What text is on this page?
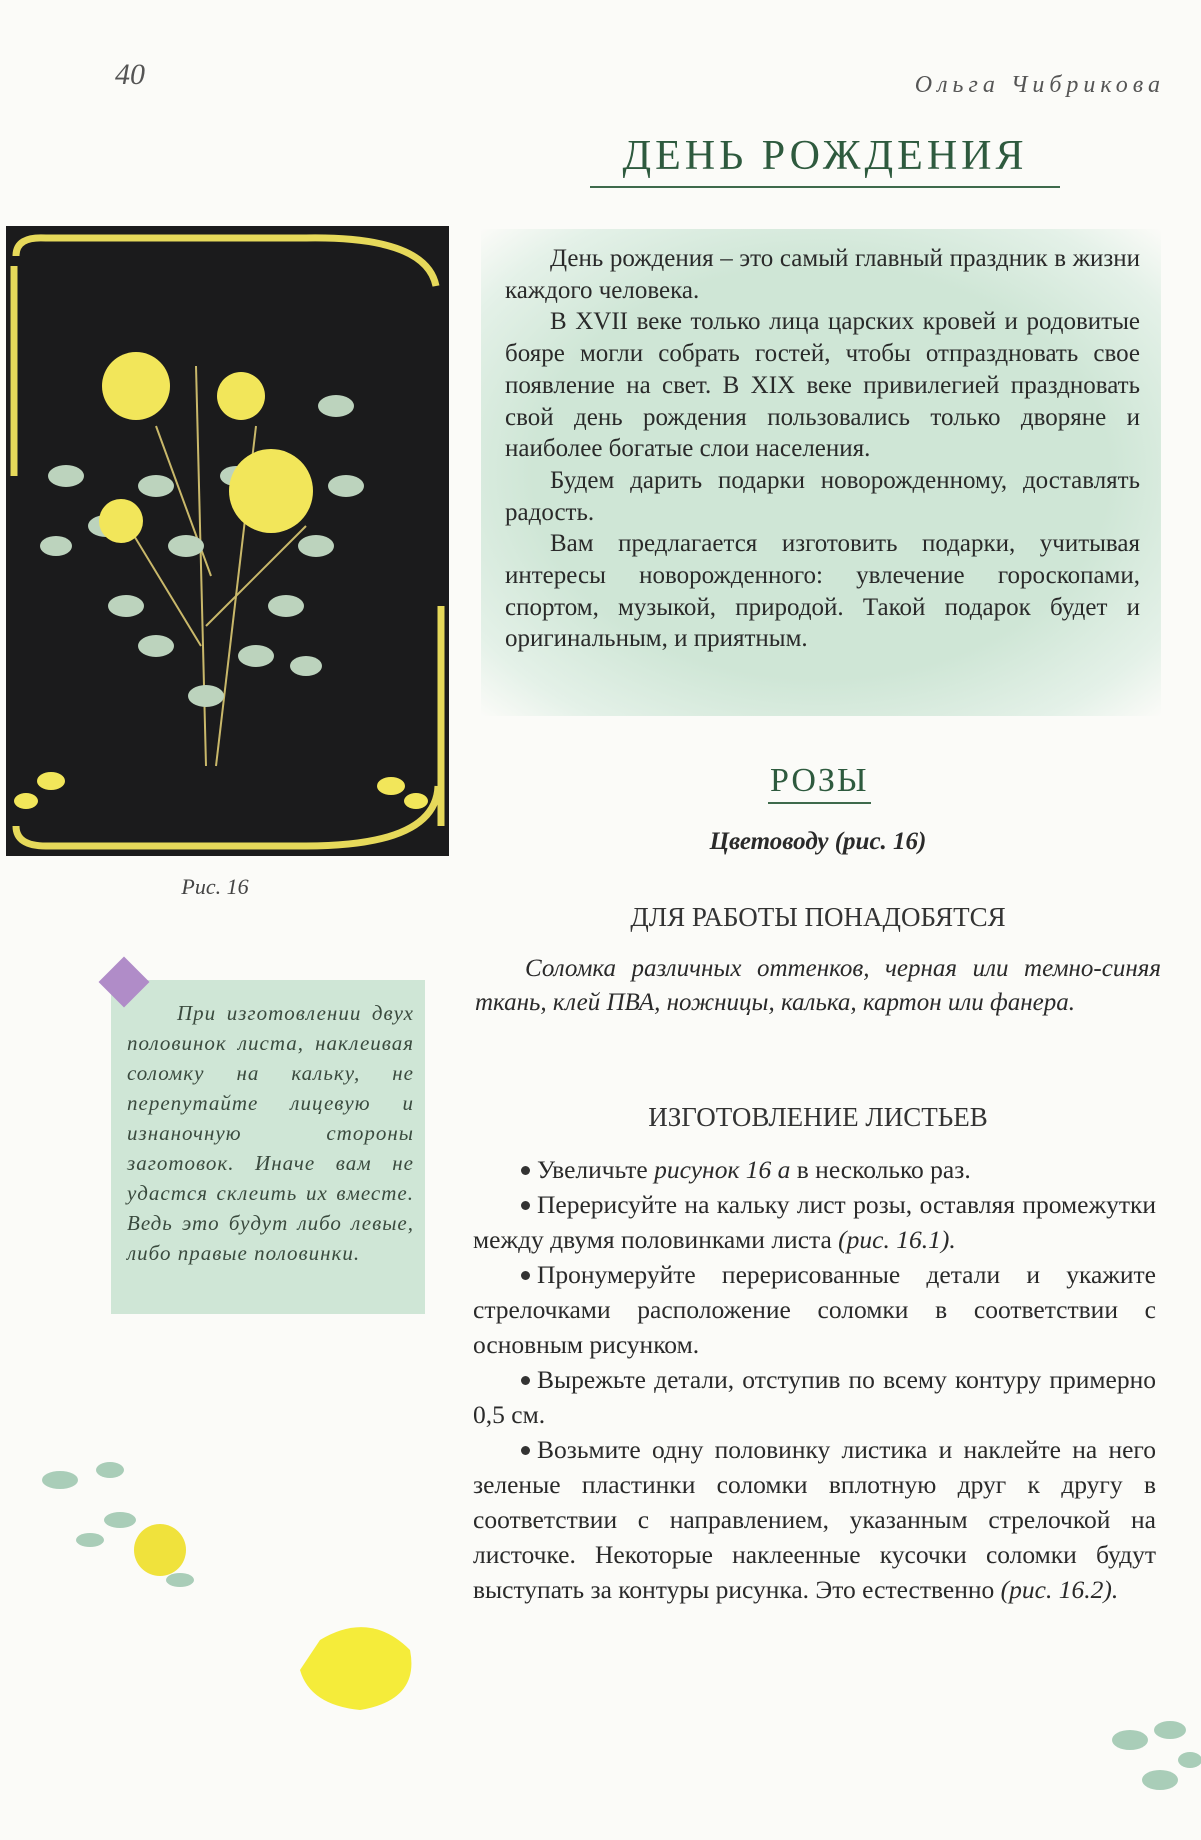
40	Ольга Чибрикова
ДЕНЬ РОЖДЕНИЯ
Рис. 16

День рождения – это самый главный праздник в жизни каждого человека.

В XVII веке только лица царских кровей и родовитые бояре могли собрать гостей, чтобы отпраздновать свое появление на свет. В XIX веке привилегией праздновать свой день рождения пользовались только дворяне и наиболее богатые слои населения.

Будем дарить подарки новорожденному, доставлять радость.

Вам предлагается изготовить подарки, учитывая интересы новорожденного: увлечение гороскопами, спортом, музыкой, природой. Такой подарок будет и оригинальным, и приятным.

При изготовлении двух половинок листа, наклеивая соломку на кальку, не перепутайте лицевую и изнаночную стороны заготовок. Иначе вам не удастся склеить их вместе. Ведь это будут либо левые, либо правые половинки.
РОЗЫ
Цветоводу (рис. 16)
ДЛЯ РАБОТЫ ПОНАДОБЯТСЯ
Соломка различных оттенков, черная или темно-синяя ткань, клей ПВА, ножницы, калька, картон или фанера.
ИЗГОТОВЛЕНИЕ ЛИСТЬЕВ

Увеличьте рисунок 16 а в несколько раз.

Перерисуйте на кальку лист розы, оставляя промежутки между двумя половинками листа (рис. 16.1).

Пронумеруйте перерисованные детали и укажите стрелочками расположение соломки в соответствии с основным рисунком.

Вырежьте детали, отступив по всему контуру примерно 0,5 см.

Возьмите одну половинку листика и наклейте на него зеленые пластинки соломки вплотную друг к другу в соответствии с направлением, указанным стрелочкой на листочке. Некоторые наклеенные кусочки соломки будут выступать за контуры рисунка. Это естественно (рис. 16.2).
